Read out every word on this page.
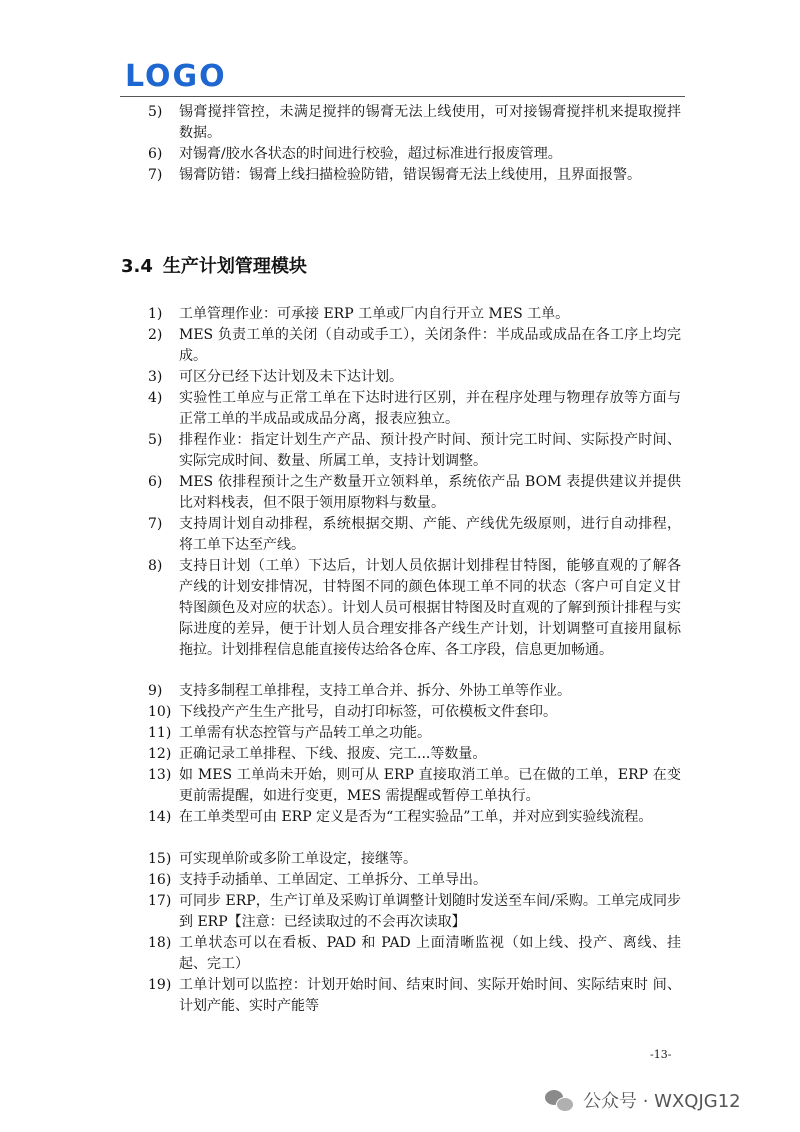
LOGO
5)	锡膏搅拌管控，未满足搅拌的锡膏无法上线使用，可对接锡膏搅拌机来提取搅拌数据。
6)	对锡膏/胶水各状态的时间进行校验，超过标准进行报废管理。
7)	锡膏防错：锡膏上线扫描检验防错，错误锡膏无法上线使用，且界面报警。
3.4 生产计划管理模块
1)	工单管理作业：可承接 ERP 工单或厂内自行开立 MES 工单。
2)	MES 负责工单的关闭（自动或手工），关闭条件：半成品或成品在各工序上均完成。
3)	可区分已经下达计划及未下达计划。
4)	实验性工单应与正常工单在下达时进行区别，并在程序处理与物理存放等方面与正常工单的半成品或成品分离，报表应独立。
5)	排程作业：指定计划生产产品、预计投产时间、预计完工时间、实际投产时间、实际完成时间、数量、所属工单，支持计划调整。
6)	MES 依排程预计之生产数量开立领料单，系统依产品 BOM 表提供建议并提供比对料栈表，但不限于领用原物料与数量。
7)	支持周计划自动排程，系统根据交期、产能、产线优先级原则，进行自动排程，将工单下达至产线。
8)	支持日计划（工单）下达后，计划人员依据计划排程甘特图，能够直观的了解各产线的计划安排情况，甘特图不同的颜色体现工单不同的状态（客户可自定义甘特图颜色及对应的状态）。计划人员可根据甘特图及时直观的了解到预计排程与实际进度的差异，便于计划人员合理安排各产线生产计划，计划调整可直接用鼠标拖拉。计划排程信息能直接传达给各仓库、各工序段，信息更加畅通。
9)	支持多制程工单排程，支持工单合并、拆分、外协工单等作业。
10) 下线投产产生生产批号，自动打印标签，可依模板文件套印。
11) 工单需有状态控管与产品转工单之功能。
12) 正确记录工单排程、下线、报废、完工...等数量。
13) 如 MES 工单尚未开始，则可从 ERP 直接取消工单。已在做的工单，ERP 在变更前需提醒，如进行变更，MES 需提醒或暂停工单执行。
14) 在工单类型可由 ERP 定义是否为“工程实验品”工单，并对应到实验线流程。
15) 可实现单阶或多阶工单设定，接继等。
16) 支持手动插单、工单固定、工单拆分、工单导出。
17) 可同步 ERP，生产订单及采购订单调整计划随时发送至车间/采购。工单完成同步到 ERP【注意：已经读取过的不会再次读取】
18) 工单状态可以在看板、PAD 和 PAD 上面清晰监视（如上线、投产、离线、挂起、完工）
19) 工单计划可以监控：计划开始时间、结束时间、实际开始时间、实际结束时 间、计划产能、实时产能等
-13-
公众号 · WXQJG12
